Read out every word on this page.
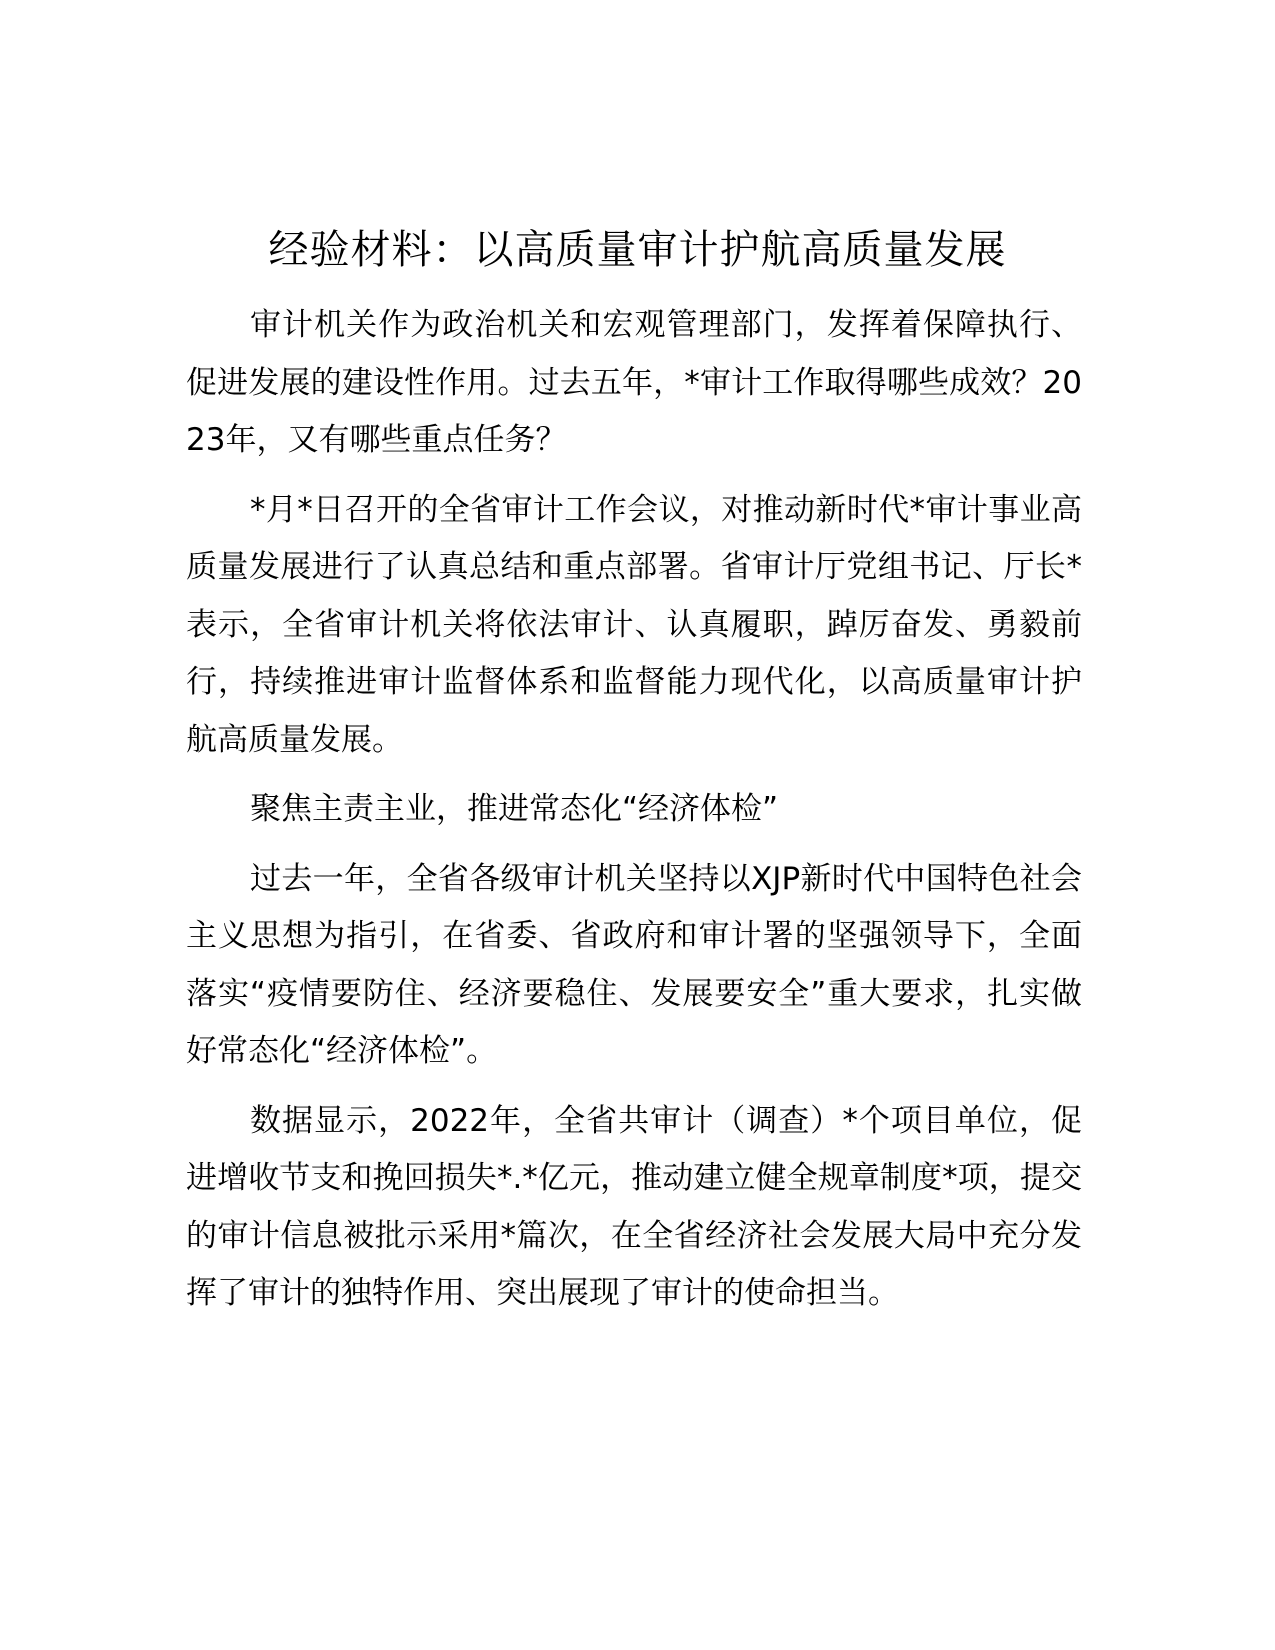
经验材料：以高质量审计护航高质量发展

审计机关作为政治机关和宏观管理部门，发挥着保障执行、促进发展的建设性作用。过去五年，*审计工作取得哪些成效？2023年，又有哪些重点任务？

*月*日召开的全省审计工作会议，对推动新时代*审计事业高质量发展进行了认真总结和重点部署。省审计厅党组书记、厅长*表示，全省审计机关将依法审计、认真履职，踔厉奋发、勇毅前行，持续推进审计监督体系和监督能力现代化，以高质量审计护航高质量发展。

聚焦主责主业，推进常态化“经济体检”

过去一年，全省各级审计机关坚持以XJP新时代中国特色社会主义思想为指引，在省委、省政府和审计署的坚强领导下，全面落实“疫情要防住、经济要稳住、发展要安全”重大要求，扎实做好常态化“经济体检”。

数据显示，2022年，全省共审计（调查）*个项目单位，促进增收节支和挽回损失*.*亿元，推动建立健全规章制度*项，提交的审计信息被批示采用*篇次，在全省经济社会发展大局中充分发挥了审计的独特作用、突出展现了审计的使命担当。
